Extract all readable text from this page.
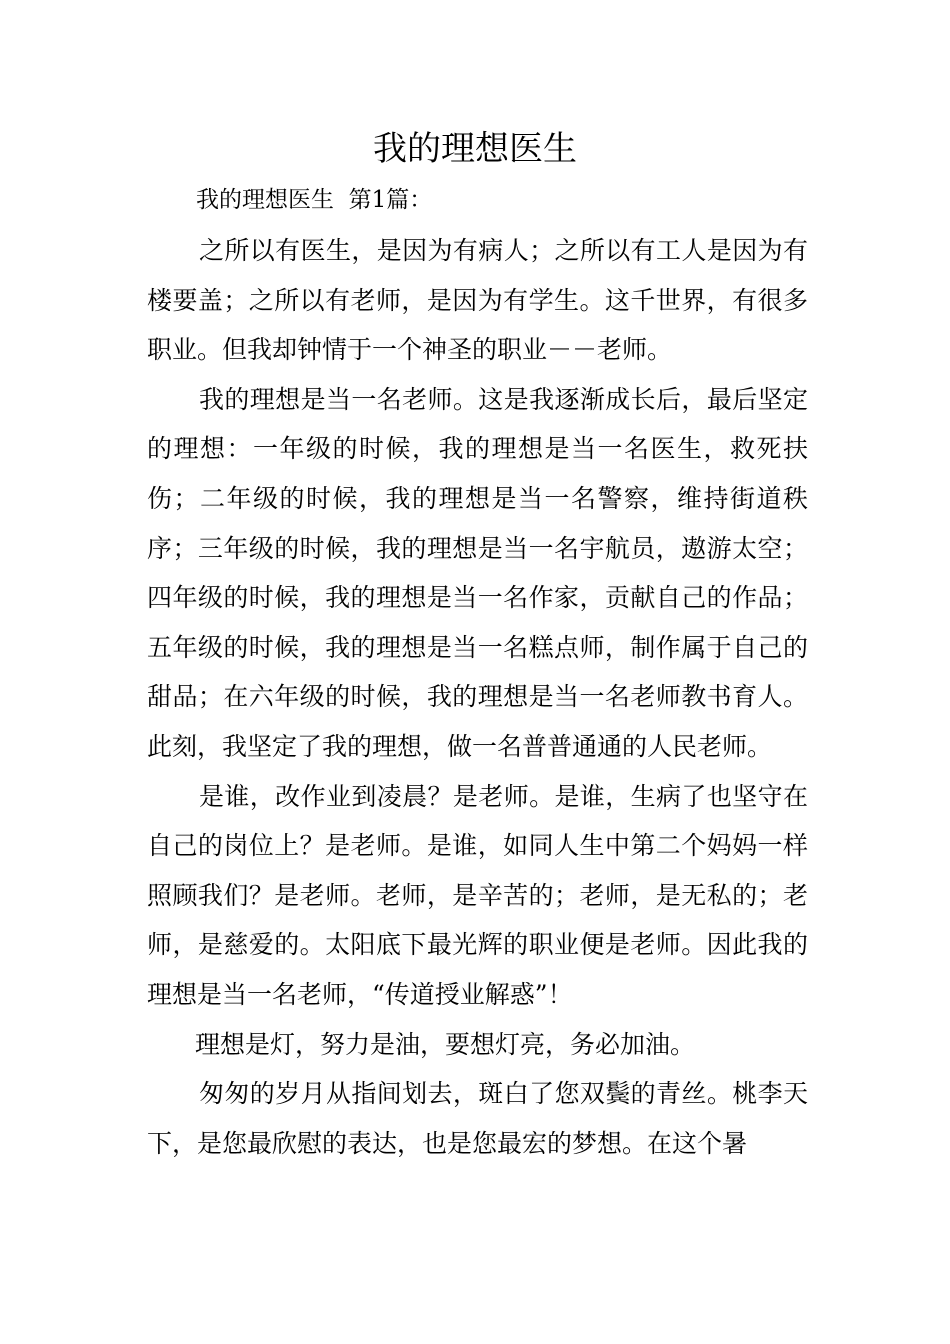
我的理想医生
我的理想医生  第1篇：

之所以有医生，是因为有病人；之所以有工人是因为有楼要盖；之所以有老师，是因为有学生。这千世界，有很多职业。但我却钟情于一个神圣的职业－－老师。

我的理想是当一名老师。这是我逐渐成长后，最后坚定的理想：一年级的时候，我的理想是当一名医生，救死扶伤；二年级的时候，我的理想是当一名警察，维持街道秩序；三年级的时候，我的理想是当一名宇航员，遨游太空；四年级的时候，我的理想是当一名作家，贡献自己的作品；五年级的时候，我的理想是当一名糕点师，制作属于自己的甜品；在六年级的时候，我的理想是当一名老师教书育人。此刻，我坚定了我的理想，做一名普普通通的人民老师。

是谁，改作业到凌晨？是老师。是谁，生病了也坚守在自己的岗位上？是老师。是谁，如同人生中第二个妈妈一样照顾我们？是老师。老师，是辛苦的；老师，是无私的；老师，是慈爱的。太阳底下最光辉的职业便是老师。因此我的理想是当一名老师，“传道授业解惑”！

理想是灯，努力是油，要想灯亮，务必加油。

匆匆的岁月从指间划去，斑白了您双鬓的青丝。桃李天下，是您最欣慰的表达，也是您最宏的梦想。在这个暑
